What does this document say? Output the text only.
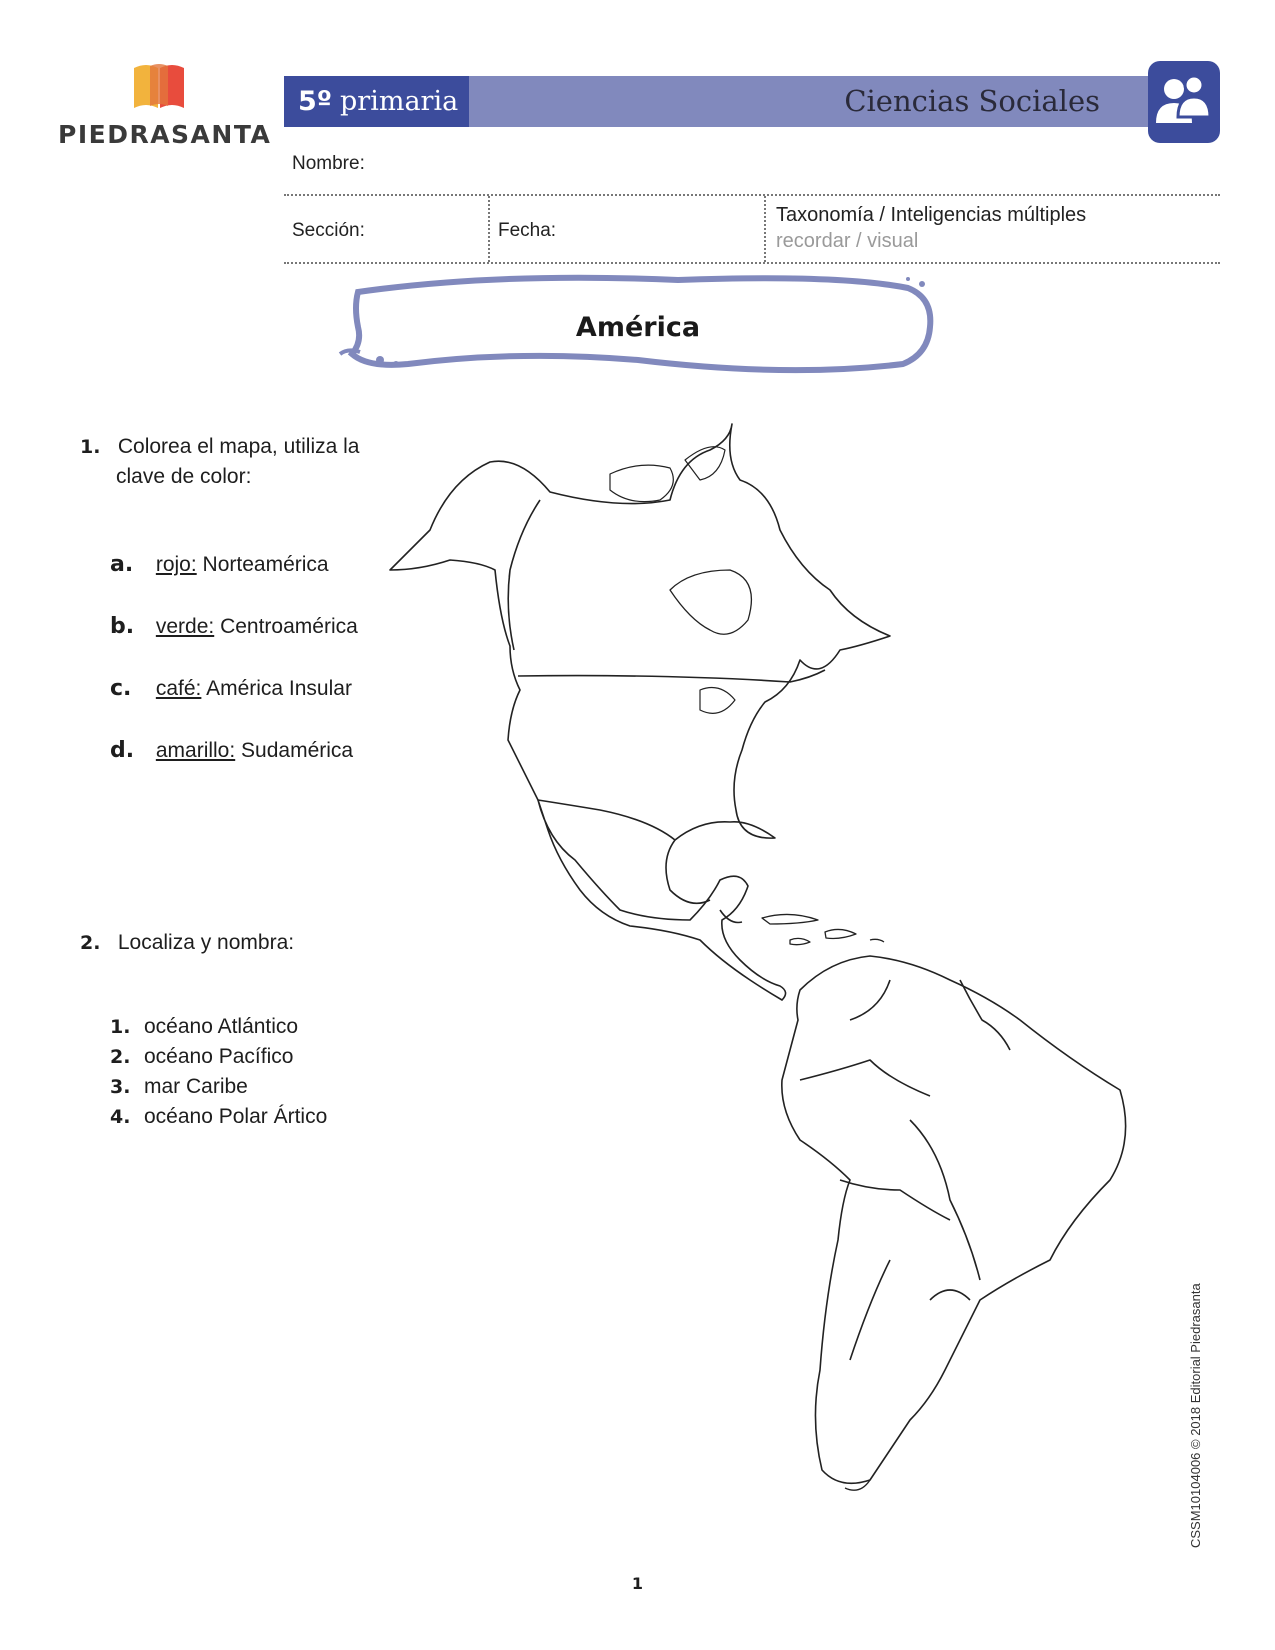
PIEDRASANTA
5º primaria	Ciencias Sociales
Nombre:
Sección:	Fecha:
Taxonomía / Inteligencias múltiples
recordar / visual
América
1. Colorea el mapa, utiliza la
clave de color:
a. rojo: Norteamérica
b. verde: Centroamérica
c. café: América Insular
d. amarillo: Sudamérica
2. Localiza y nombra:
1. océano Atlántico
2. océano Pacífico
3. mar Caribe
4. océano Polar Ártico
CSSM10104006 © 2018 Editorial Piedrasanta
1
